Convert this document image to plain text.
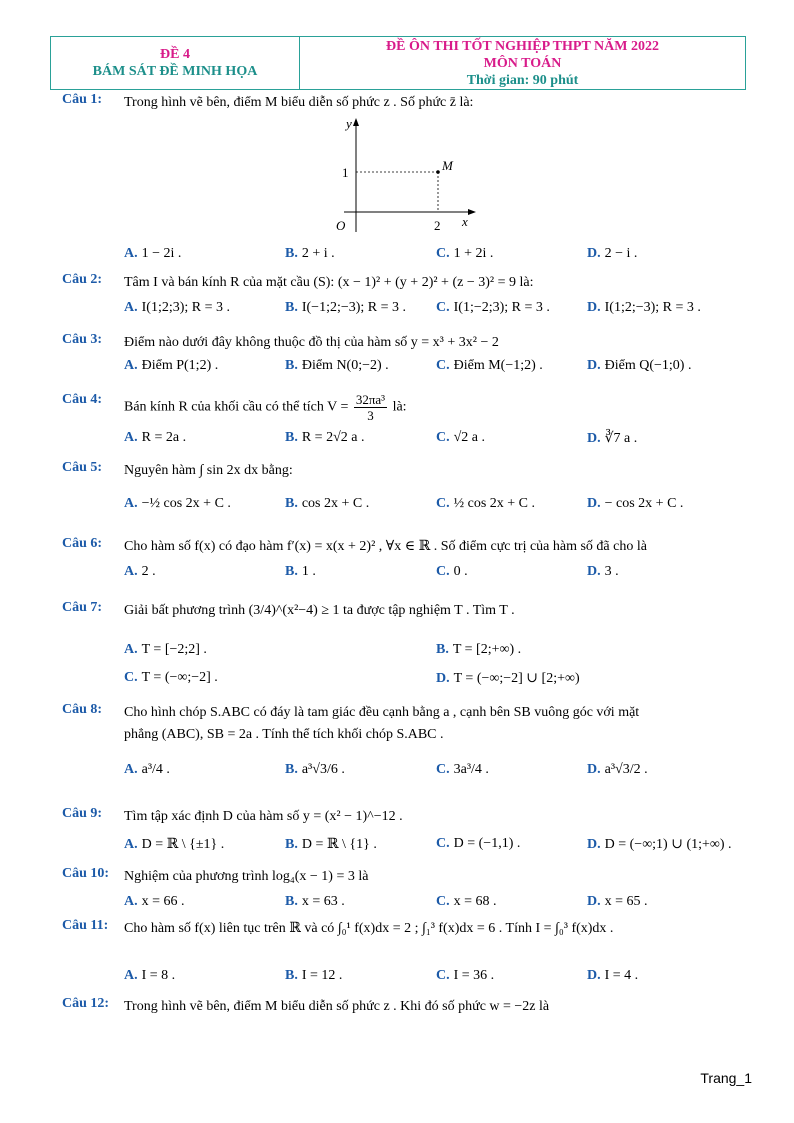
ĐỀ 4
BÁM SÁT ĐỀ MINH HỌA
ĐỀ ÔN THI TỐT NGHIỆP THPT NĂM 2022
MÔN TOÁN
Thời gian: 90 phút
Câu 1:	Trong hình vẽ bên, điểm M biểu diễn số phức z . Số phức z̄ là:
Câu 2:	Tâm I và bán kính R của mặt cầu (S): (x − 1)² + (y + 2)² + (z − 3)² = 9 là:
Câu 3:	Điểm nào dưới đây không thuộc đồ thị của hàm số y = x³ + 3x² − 2
Câu 4:
Bán kính R của khối cầu có thể tích $V = \frac{\text{32πa³}}{3}$ là:
Câu 5:	Nguyên hàm ∫ sin 2x dx bằng:
Câu 6:	Cho hàm số f(x) có đạo hàm f′(x) = x(x + 2)² , ∀x ∈ ℝ . Số điểm cực trị của hàm số đã cho là
Câu 7:	Giải bất phương trình (3/4)^(x²−4) ≥ 1 ta được tập nghiệm T . Tìm T .
Câu 8:	Cho hình chóp S.ABC có đáy là tam giác đều cạnh bằng a , cạnh bên SB vuông góc với mặt
phẳng (ABC), SB = 2a . Tính thể tích khối chóp S.ABC .
Câu 9:	Tìm tập xác định D của hàm số y = (x² − 1)^−12 .
Câu 10:	Nghiệm của phương trình log₄(x − 1) = 3 là
Câu 11:	Cho hàm số f(x) liên tục trên ℝ và có ∫₀¹ f(x)dx = 2 ; ∫₁³ f(x)dx = 6 . Tính I = ∫₀³ f(x)dx .
Câu 12:	Trong hình vẽ bên, điểm M biểu diễn số phức z . Khi đó số phức w = −2z là
y
x
O
1
2
M
Trang_1
A. 1 − 2i .	B. 2 + i .	C. 1 + 2i .	D. 2 − i .
A. I(1;2;3); R = 3 .	B. I(−1;2;−3); R = 3 . C. I(1;−2;3); R = 3 .	D. I(1;2;−3); R = 3 .
A. Điểm P(1;2) .	B. Điểm N(0;−2) .	C. Điểm M(−1;2) .	D. Điểm Q(−1;0) .
A. R = 2a .	B. R = 2√2 a .	C. √2 a .	D. ∛7 a .
A. −½ cos 2x + C .	B. cos 2x + C .	C. ½ cos 2x + C .	D. − cos 2x + C .
A. 2 .	B. 1 .	C. 0 .	D. 3 .
A. T = [−2;2] .	B. T = [2;+∞) .
C. T = (−∞;−2] .	D. T = (−∞;−2] ∪ [2;+∞)
A. a³/4 .	B. a³√3/6 .	C. 3a³/4 .	D. a³√3/2 .
A. D = ℝ \ {±1} .	B. D = ℝ \ {1} .	C. D = (−1,1) .	D. D = (−∞;1) ∪ (1;+∞) .
A. x = 66 .	B. x = 63 .	C. x = 68 .	D. x = 65 .
A. I = 8 .	B. I = 12 .	C. I = 36 .	D. I = 4 .
